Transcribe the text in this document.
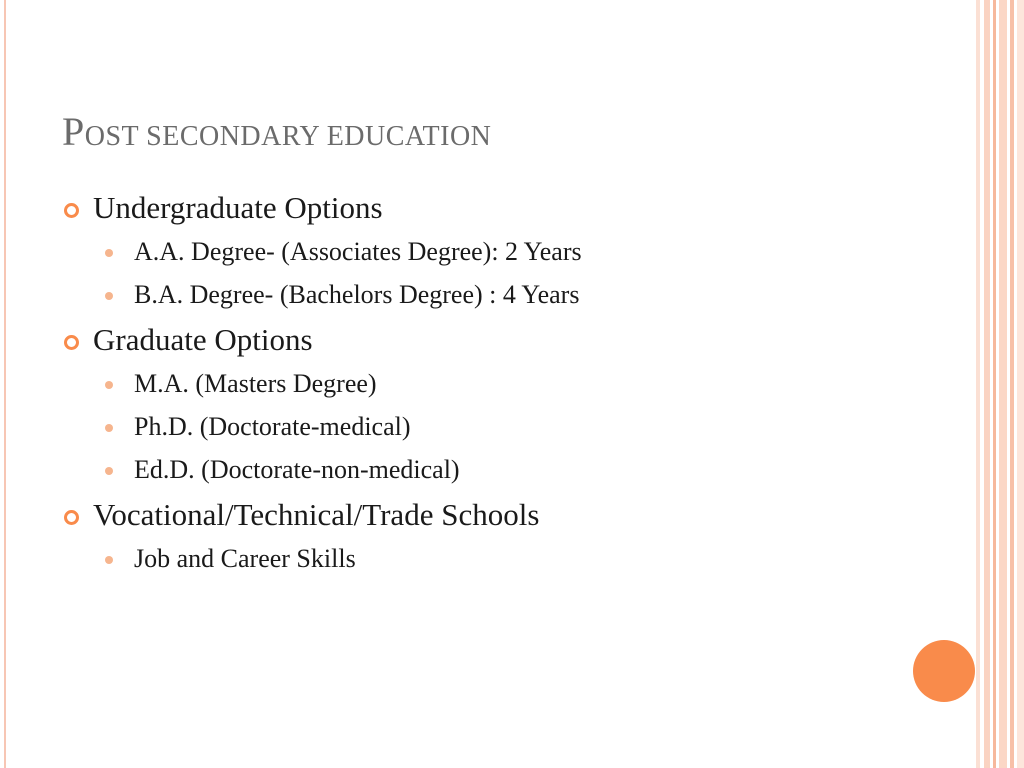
POST SECONDARY EDUCATION
Undergraduate Options
A.A. Degree- (Associates Degree): 2 Years
B.A. Degree- (Bachelors Degree) : 4 Years
Graduate Options
M.A. (Masters Degree)
Ph.D. (Doctorate-medical)
Ed.D. (Doctorate-non-medical)
Vocational/Technical/Trade Schools
Job and Career Skills
